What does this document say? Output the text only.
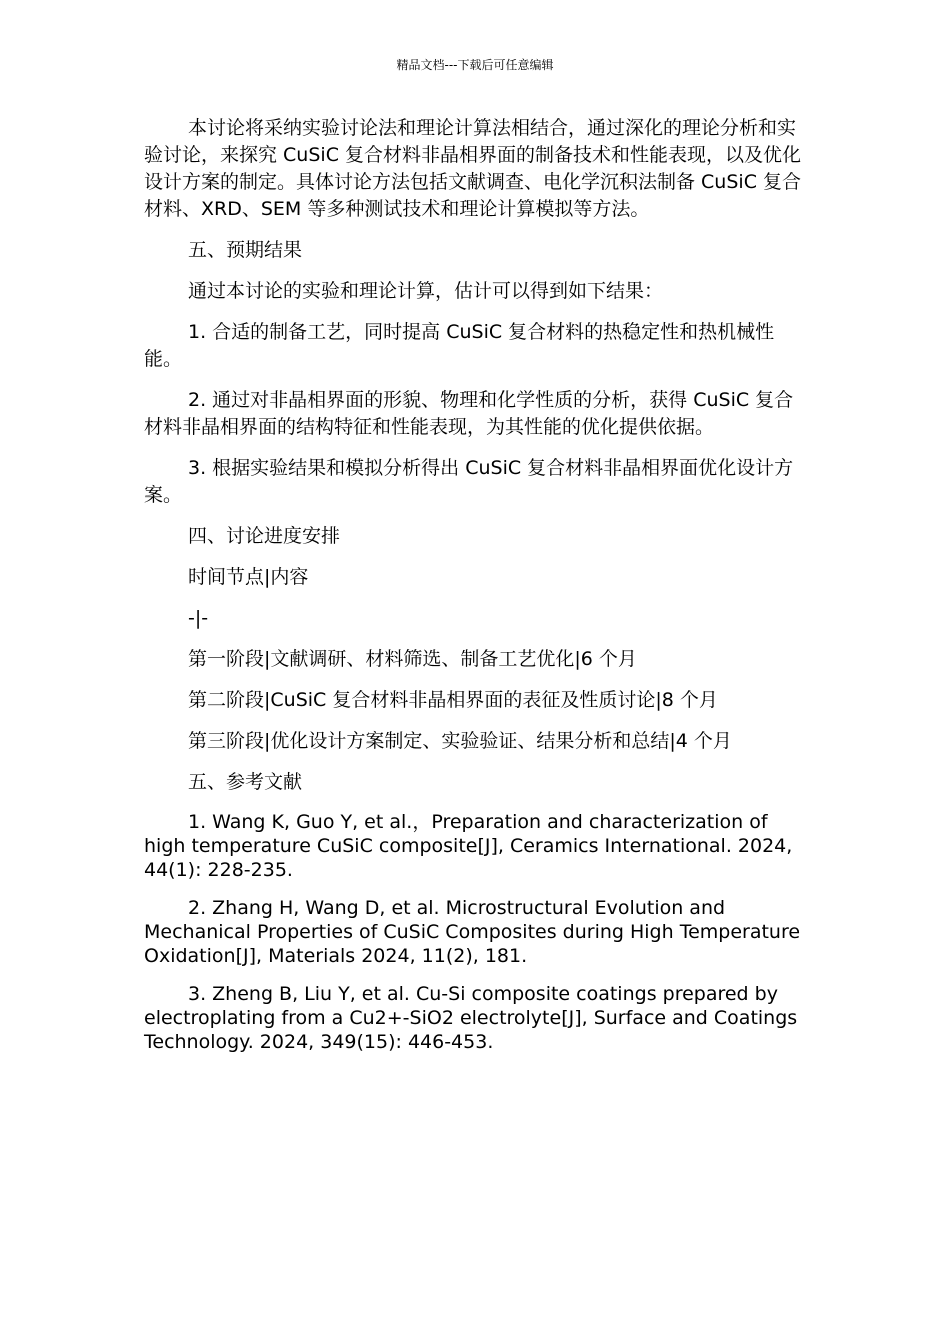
精品文档---下载后可任意编辑

本讨论将采纳实验讨论法和理论计算法相结合，通过深化的理论分析和实验讨论，来探究 CuSiC 复合材料非晶相界面的制备技术和性能表现，以及优化设计方案的制定。具体讨论方法包括文献调查、电化学沉积法制备 CuSiC 复合材料、XRD、SEM 等多种测试技术和理论计算模拟等方法。

五、预期结果

通过本讨论的实验和理论计算，估计可以得到如下结果：

1. 合适的制备工艺，同时提高 CuSiC 复合材料的热稳定性和热机械性能。

2. 通过对非晶相界面的形貌、物理和化学性质的分析，获得 CuSiC 复合材料非晶相界面的结构特征和性能表现，为其性能的优化提供依据。

3. 根据实验结果和模拟分析得出 CuSiC 复合材料非晶相界面优化设计方案。

四、讨论进度安排

时间节点|内容

-|-

第一阶段|文献调研、材料筛选、制备工艺优化|6 个月

第二阶段|CuSiC 复合材料非晶相界面的表征及性质讨论|8 个月

第三阶段|优化设计方案制定、实验验证、结果分析和总结|4 个月

五、参考文献

1. Wang K, Guo Y, et al.，Preparation and characterization of high temperature CuSiC composite[J], Ceramics International. 2024, 44(1): 228-235.

2. Zhang H, Wang D, et al. Microstructural Evolution and Mechanical Properties of CuSiC Composites during High Temperature Oxidation[J], Materials 2024, 11(2), 181.

3. Zheng B, Liu Y, et al. Cu-Si composite coatings prepared by electroplating from a Cu2+-SiO2 electrolyte[J], Surface and Coatings Technology. 2024, 349(15): 446-453.
